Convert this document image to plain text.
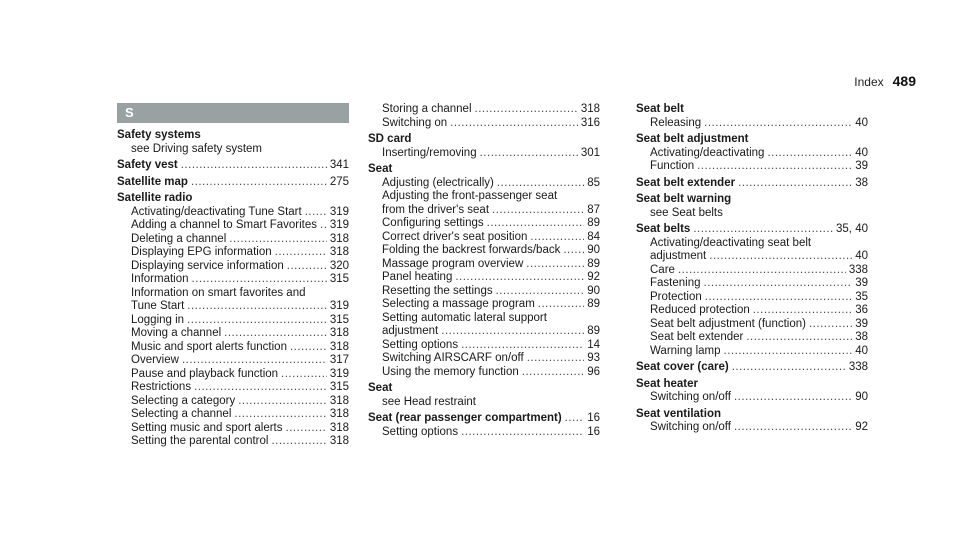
Index 489
S
Safety systems
see Driving safety system
Safety vest .....	341
Satellite map .....	275
Satellite radio
Activating/deactivating Tune Start ..... 319
Adding a channel to Smart Favorites ..... 319
Deleting a channel .....	318
Displaying EPG information .....	318
Displaying service information .....	320
Information .....	315
Information on smart favorites and
Tune Start .....	319
Logging in .....	315
Moving a channel .....	318
Music and sport alerts function .....	318
Overview .....	317
Pause and playback function .....	319
Restrictions .....	315
Selecting a category .....	318
Selecting a channel .....	318
Setting music and sport alerts .....	318
Setting the parental control .....	318
Storing a channel .....	318
Switching on .....	316
SD card
Inserting/removing .....	301
Seat
Adjusting (electrically) .....	85
Adjusting the front-passenger seat
from the driver's seat .....	87
Configuring settings .....	89
Correct driver's seat position .....	84
Folding the backrest forwards/back ..... 90
Massage program overview .....	89
Panel heating .....	92
Resetting the settings .....	90
Selecting a massage program .....	89
Setting automatic lateral support
adjustment .....	89
Setting options .....	14
Switching AIRSCARF on/off .....	93
Using the memory function .....	96
Seat
see Head restraint
Seat (rear passenger compartment) ..... 16
Setting options .....	16
Seat belt
Releasing .....	40
Seat belt adjustment
Activating/deactivating .....	40
Function .....	39
Seat belt extender .....	38
Seat belt warning
see Seat belts
Seat belts .....	35, 40
Activating/deactivating seat belt
adjustment .....	40
Care .....	338
Fastening .....	39
Protection .....	35
Reduced protection .....	36
Seat belt adjustment (function) .....	39
Seat belt extender .....	38
Warning lamp .....	40
Seat cover (care) .....	338
Seat heater
Switching on/off .....	90
Seat ventilation
Switching on/off .....	92
